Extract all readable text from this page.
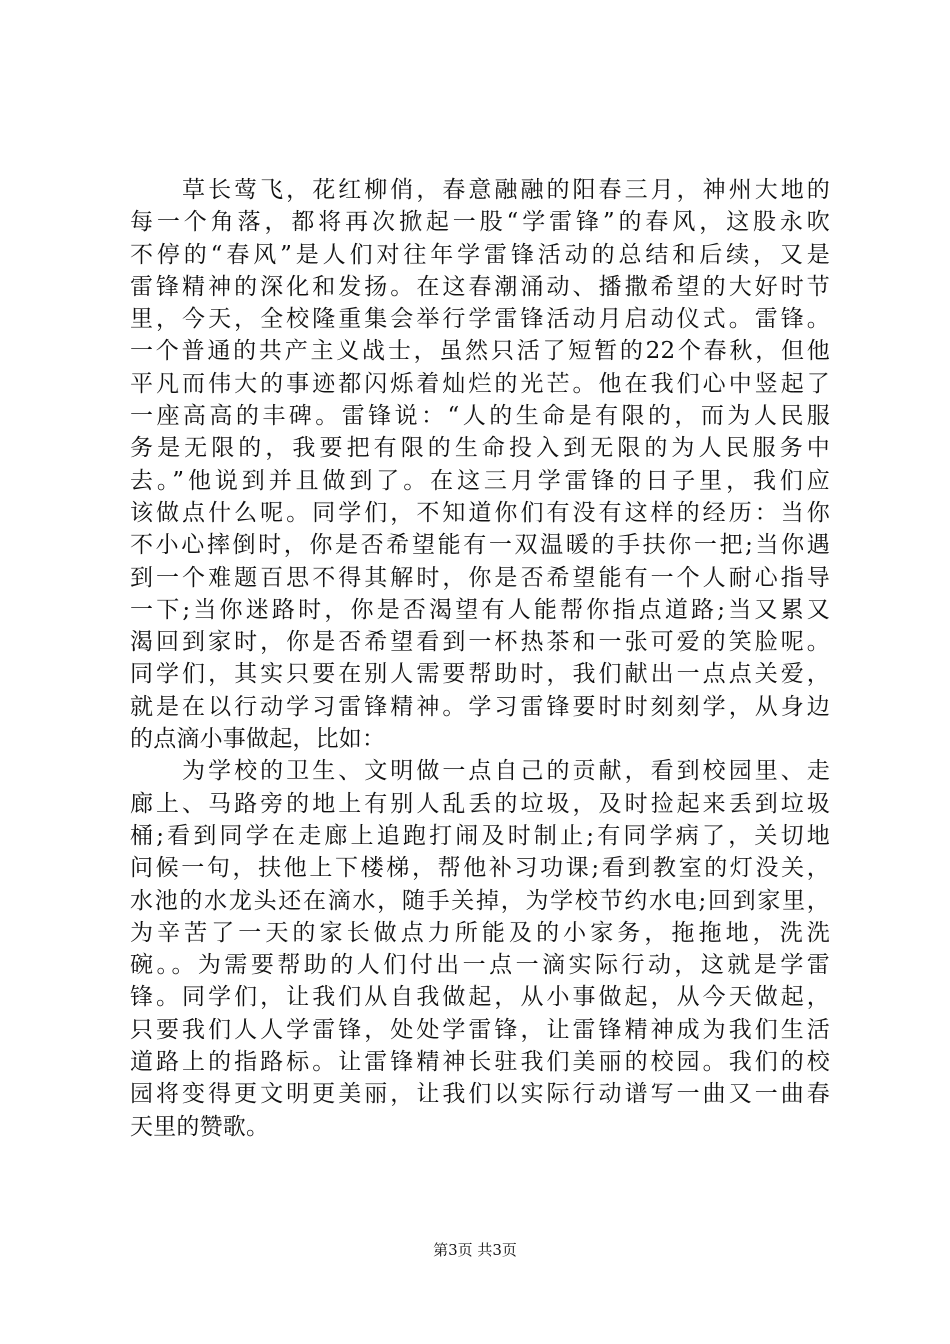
　　草长莺飞，花红柳俏，春意融融的阳春三月，神州大地的
每一个角落，都将再次掀起一股“学雷锋”的春风，这股永吹
不停的“春风”是人们对往年学雷锋活动的总结和后续，又是
雷锋精神的深化和发扬。在这春潮涌动、播撒希望的大好时节
里，今天，全校隆重集会举行学雷锋活动月启动仪式。雷锋。
一个普通的共产主义战士，虽然只活了短暂的22个春秋，但他
平凡而伟大的事迹都闪烁着灿烂的光芒。他在我们心中竖起了
一座高高的丰碑。雷锋说：“人的生命是有限的，而为人民服
务是无限的，我要把有限的生命投入到无限的为人民服务中
去。”他说到并且做到了。在这三月学雷锋的日子里，我们应
该做点什么呢。同学们，不知道你们有没有这样的经历：当你
不小心摔倒时，你是否希望能有一双温暖的手扶你一把;当你遇
到一个难题百思不得其解时，你是否希望能有一个人耐心指导
一下;当你迷路时，你是否渴望有人能帮你指点道路;当又累又
渴回到家时，你是否希望看到一杯热茶和一张可爱的笑脸呢。
同学们，其实只要在别人需要帮助时，我们献出一点点关爱，
就是在以行动学习雷锋精神。学习雷锋要时时刻刻学，从身边
的点滴小事做起，比如：
　　为学校的卫生、文明做一点自己的贡献，看到校园里、走
廊上、马路旁的地上有别人乱丢的垃圾，及时捡起来丢到垃圾
桶;看到同学在走廊上追跑打闹及时制止;有同学病了，关切地
问候一句，扶他上下楼梯，帮他补习功课;看到教室的灯没关，
水池的水龙头还在滴水，随手关掉，为学校节约水电;回到家里，
为辛苦了一天的家长做点力所能及的小家务，拖拖地，洗洗
碗。。为需要帮助的人们付出一点一滴实际行动，这就是学雷
锋。同学们，让我们从自我做起，从小事做起，从今天做起，
只要我们人人学雷锋，处处学雷锋，让雷锋精神成为我们生活
道路上的指路标。让雷锋精神长驻我们美丽的校园。我们的校
园将变得更文明更美丽，让我们以实际行动谱写一曲又一曲春
天里的赞歌。
第3页 共3页
